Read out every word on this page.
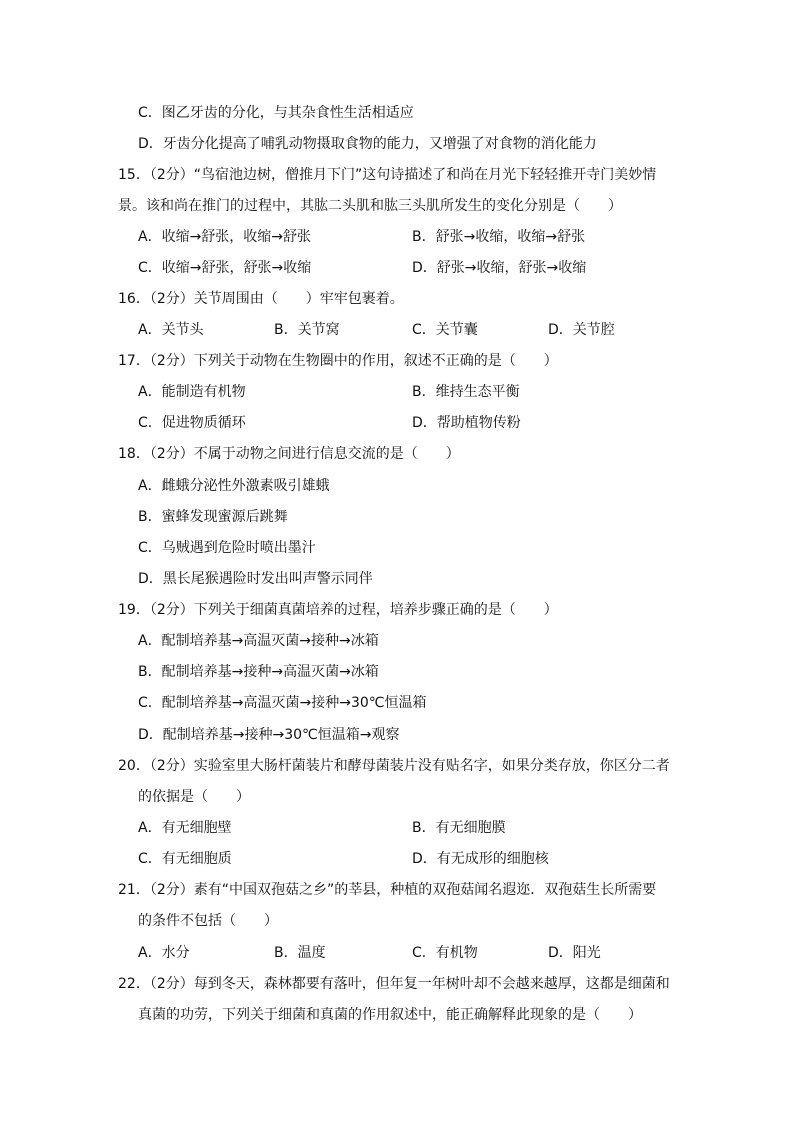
C．图乙牙齿的分化，与其杂食性生活相适应
D．牙齿分化提高了哺乳动物摄取食物的能力，又增强了对食物的消化能力
15．（2分）“鸟宿池边树，僧推月下门”这句诗描述了和尚在月光下轻轻推开寺门美妙情
景。该和尚在推门的过程中，其肱二头肌和肱三头肌所发生的变化分别是（　　）
A．收缩→舒张，收缩→舒张	B．舒张→收缩，收缩→舒张
C．收缩→舒张，舒张→收缩	D．舒张→收缩，舒张→收缩
16．（2分）关节周围由（　　）牢牢包裹着。
A．关节头	B．关节窝	C．关节囊	D．关节腔
17．（2分）下列关于动物在生物圈中的作用，叙述不正确的是（　　）
A．能制造有机物	B．维持生态平衡
C．促进物质循环	D．帮助植物传粉
18．（2分）不属于动物之间进行信息交流的是（　　）
A．雌蛾分泌性外激素吸引雄蛾
B．蜜蜂发现蜜源后跳舞
C．乌贼遇到危险时喷出墨汁
D．黑长尾猴遇险时发出叫声警示同伴
19．（2分）下列关于细菌真菌培养的过程，培养步骤正确的是（　　）
A．配制培养基→高温灭菌→接种→冰箱
B．配制培养基→接种→高温灭菌→冰箱
C．配制培养基→高温灭菌→接种→30℃恒温箱
D．配制培养基→接种→30℃恒温箱→观察
20．（2分）实验室里大肠杆菌装片和酵母菌装片没有贴名字，如果分类存放，你区分二者
的依据是（　　）
A．有无细胞壁	B．有无细胞膜
C．有无细胞质	D．有无成形的细胞核
21．（2分）素有“中国双孢菇之乡”的莘县，种植的双孢菇闻名遐迩．双孢菇生长所需要
的条件不包括（　　）
A．水分	B．温度	C．有机物	D．阳光
22．（2分）每到冬天，森林都要有落叶，但年复一年树叶却不会越来越厚，这都是细菌和
真菌的功劳，下列关于细菌和真菌的作用叙述中，能正确解释此现象的是（　　）
